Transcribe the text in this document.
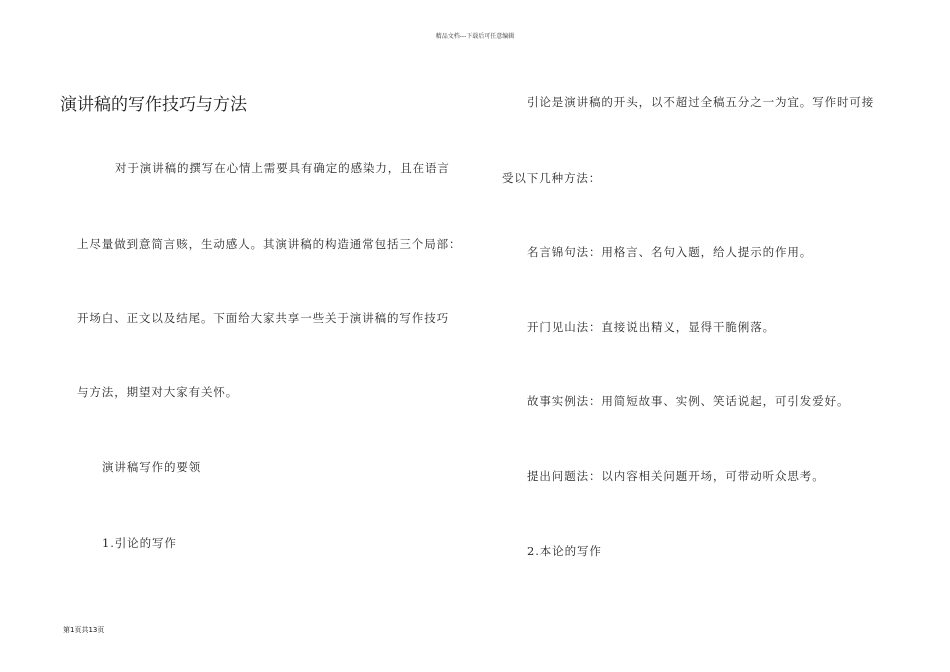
精品文档---下载后可任意编辑
演讲稿的写作技巧与方法
对于演讲稿的撰写在心情上需要具有确定的感染力，且在语言
上尽量做到意简言赅，生动感人。其演讲稿的构造通常包括三个局部：
开场白、正文以及结尾。下面给大家共享一些关于演讲稿的写作技巧
与方法，期望对大家有关怀。
演讲稿写作的要领
1.引论的写作
引论是演讲稿的开头，以不超过全稿五分之一为宜。写作时可接
受以下几种方法：
名言锦句法：用格言、名句入题，给人提示的作用。
开门见山法：直接说出精义，显得干脆俐落。
故事实例法：用简短故事、实例、笑话说起，可引发爱好。
提出问题法：以内容相关问题开场，可带动听众思考。
2.本论的写作
第1页共13页
